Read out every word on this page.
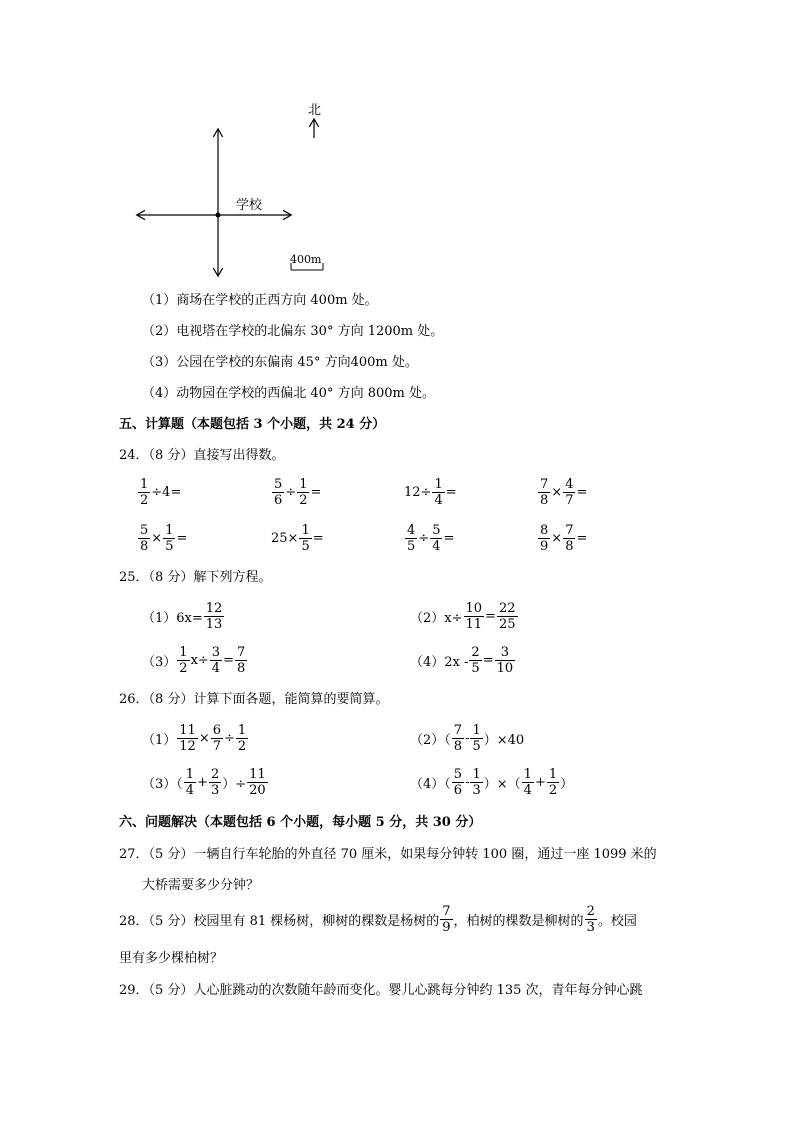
北
学校
400m
（1）商场在学校的正西方向 400m 处。
（2）电视塔在学校的北偏东 30° 方向 1200m 处。
（3）公园在学校的东偏南 45° 方向400m 处。
（4）动物园在学校的西偏北 40° 方向 800m 处。
五、计算题（本题包括 3 个小题，共 24 分）
24．（8 分）直接写出得数。
$\frac{1}{2} \div 4=$	$\frac{5}{6} \div \frac{1}{2}$ =	$12\div \frac{1}{4}$ =	$\frac{7}{8} \times \frac{4}{7}$ =
$\frac{5}{8} \times \frac{1}{5}$ =	$25\times \frac{1}{5}$ =	$\frac{4}{5} \div \frac{5}{4}$ =	$\frac{8}{9} \times \frac{7}{8}$ =
25．（8 分）解下列方程。
$(1)6x= \frac{12}{13}$	$(2)x\div \frac{10}{11} = \frac{22}{25}$
$(3) \frac{1}{2} x\div \frac{3}{4} = \frac{7}{8}$	$(4)2x - \frac{2}{5} = \frac{3}{10}$
26．（8 分）计算下面各题，能简算的要简算。
$(1) \frac{11}{12} \times \frac{6}{7} \div \frac{1}{2}$	$(2)( \frac{7}{8} - \frac{1}{5} )\times 40$
$(3)( \frac{1}{4} + \frac{2}{3}$ ）÷ $\frac{11}{20}$	$(4)( \frac{5}{6} - \frac{1}{3}$ ）×（ $\frac{1}{4} + \frac{1}{2}$ ）
六、问题解决（本题包括 6 个小题，每小题 5 分，共 30 分）
27．（5 分）一辆自行车轮胎的外直径 70 厘米，如果每分钟转 100 圈，通过一座 1099 米的
大桥需要多少分钟？
28．（5 分）校园里有 81 棵杨树，柳树的棵数是杨树的 $\frac{7}{9}$ ，柏树的棵数是柳树的 $\frac{2}{3}$ 。校园
里有多少棵柏树？
29．（5 分）人心脏跳动的次数随年龄而变化。婴儿心跳每分钟约 135 次，青年每分钟心跳
